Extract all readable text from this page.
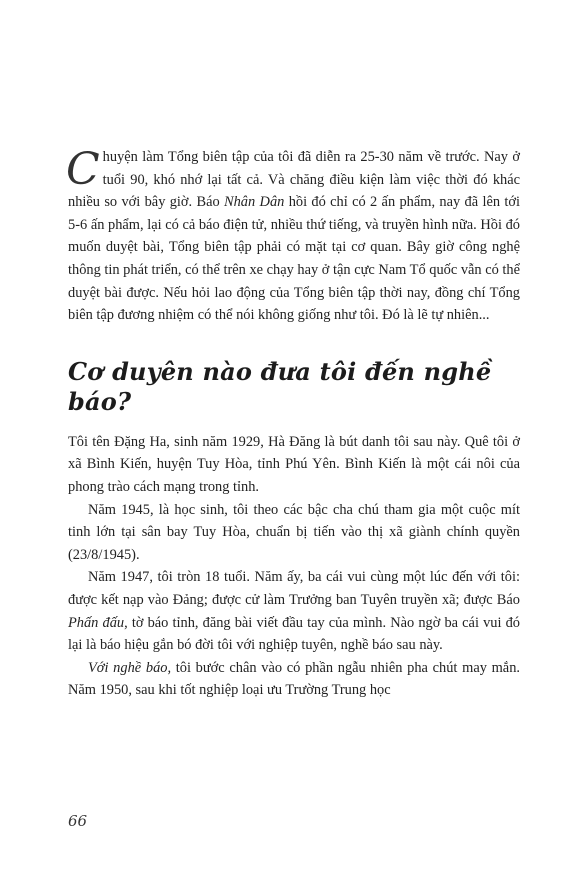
Chuyện làm Tổng biên tập của tôi đã diễn ra 25-30 năm về trước. Nay ở tuổi 90, khó nhớ lại tất cả. Và chăng điều kiện làm việc thời đó khác nhiều so với bây giờ. Báo Nhân Dân hồi đó chỉ có 2 ấn phẩm, nay đã lên tới 5-6 ấn phẩm, lại có cả báo điện tử, nhiều thứ tiếng, và truyền hình nữa. Hồi đó muốn duyệt bài, Tổng biên tập phải có mặt tại cơ quan. Bây giờ công nghệ thông tin phát triển, có thể trên xe chạy hay ở tận cực Nam Tổ quốc vẫn có thể duyệt bài được. Nếu hỏi lao động của Tổng biên tập thời nay, đồng chí Tổng biên tập đương nhiệm có thể nói không giống như tôi. Đó là lẽ tự nhiên...

Cơ duyên nào đưa tôi đến nghề báo?

Tôi tên Đặng Ha, sinh năm 1929, Hà Đăng là bút danh tôi sau này. Quê tôi ở xã Bình Kiến, huyện Tuy Hòa, tỉnh Phú Yên. Bình Kiến là một cái nôi của phong trào cách mạng trong tỉnh.

Năm 1945, là học sinh, tôi theo các bậc cha chú tham gia một cuộc mít tinh lớn tại sân bay Tuy Hòa, chuẩn bị tiến vào thị xã giành chính quyền (23/8/1945).

Năm 1947, tôi tròn 18 tuổi. Năm ấy, ba cái vui cùng một lúc đến với tôi: được kết nạp vào Đảng; được cử làm Trưởng ban Tuyên truyền xã; được Báo Phấn đấu, tờ báo tỉnh, đăng bài viết đầu tay của mình. Nào ngờ ba cái vui đó lại là báo hiệu gắn bó đời tôi với nghiệp tuyên, nghề báo sau này.

Với nghề báo, tôi bước chân vào có phần ngẫu nhiên pha chút may mắn. Năm 1950, sau khi tốt nghiệp loại ưu Trường Trung học

66
